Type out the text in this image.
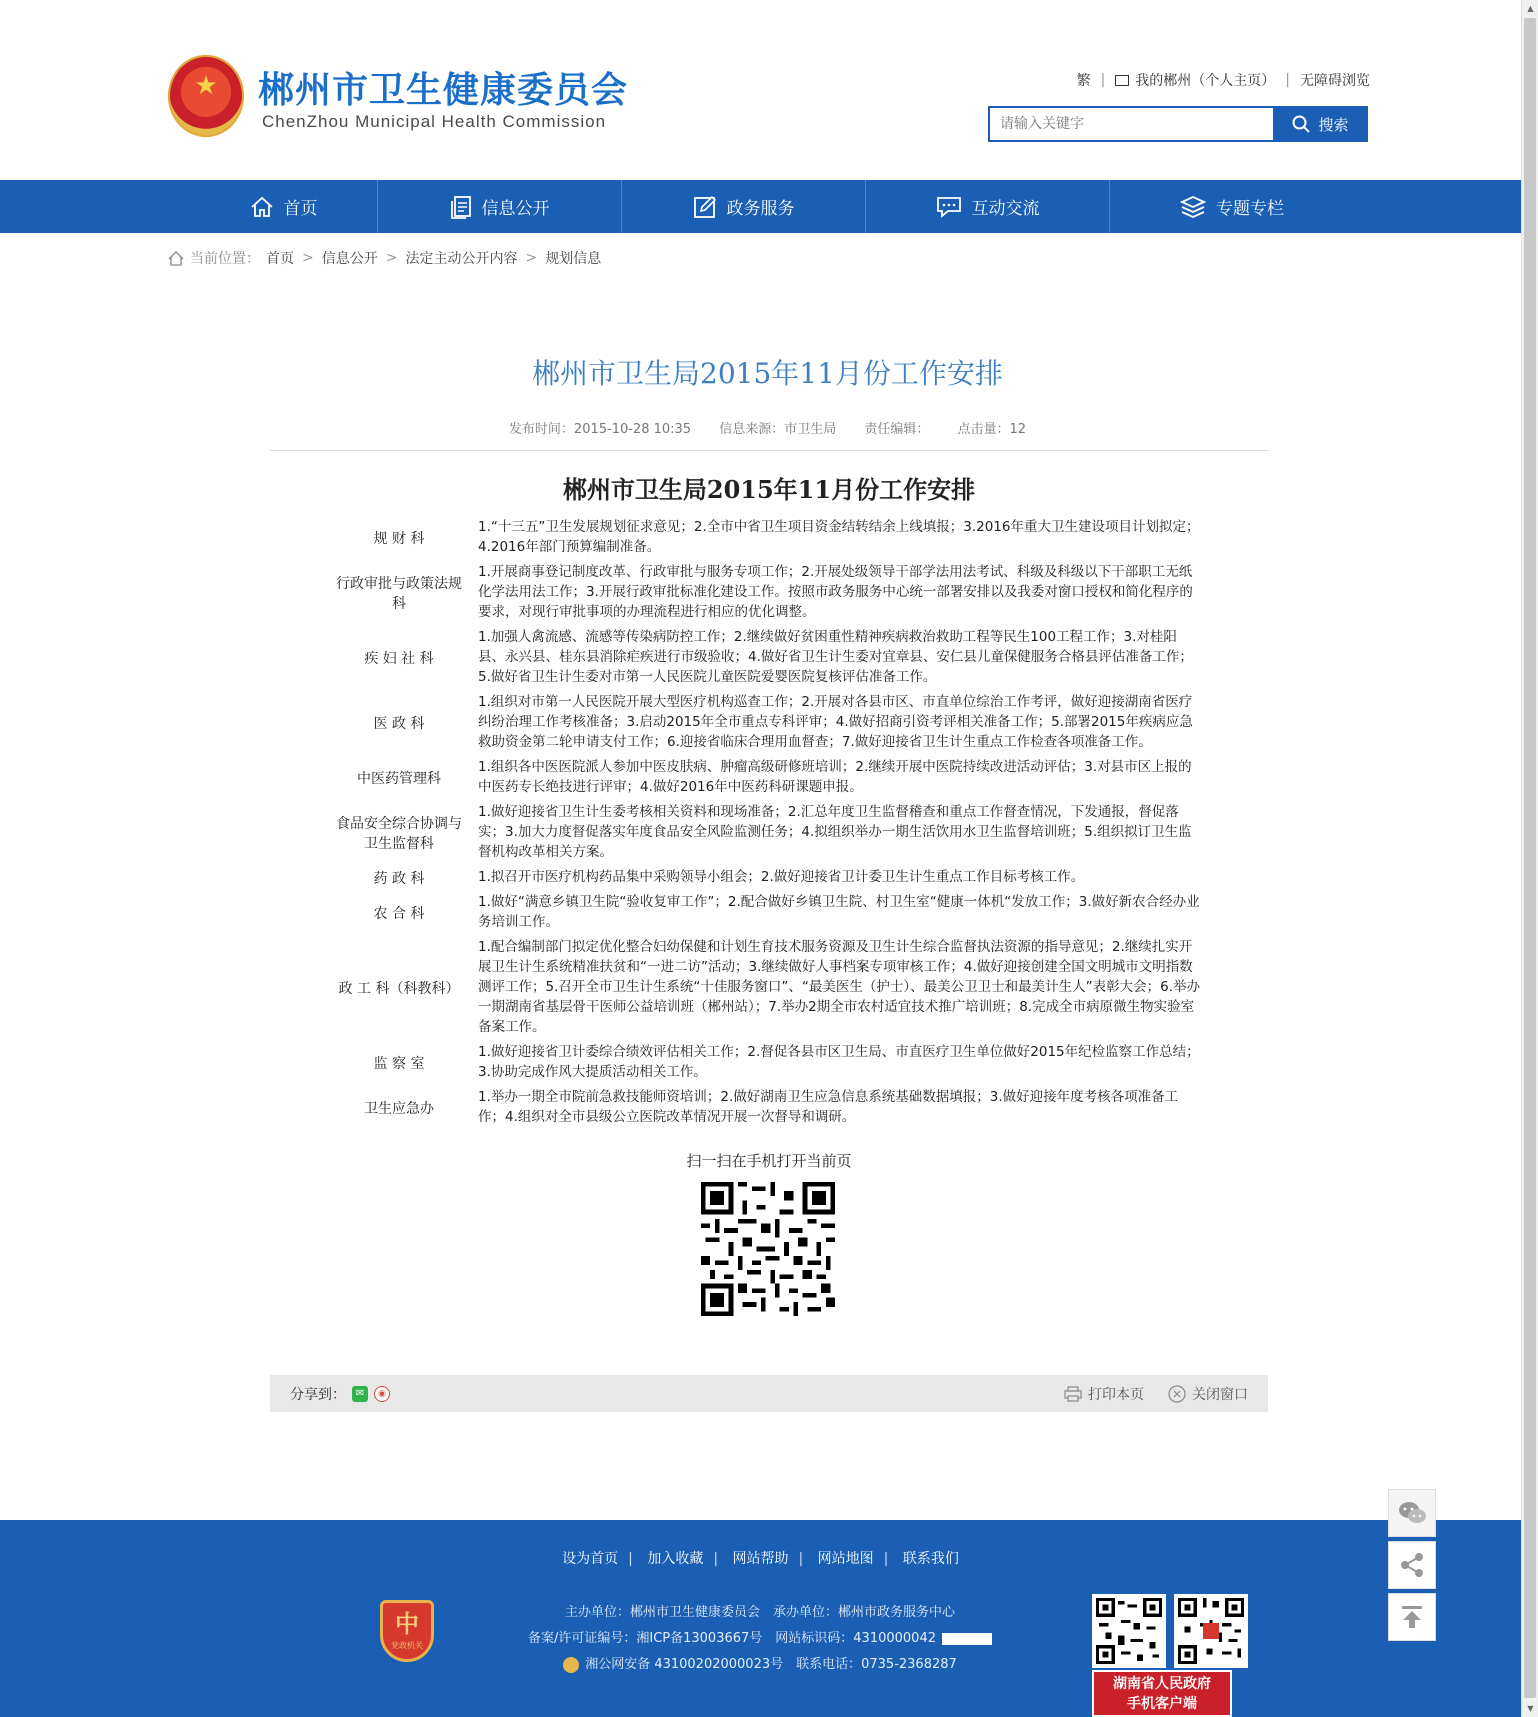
▲
▼
★	郴州市卫生健康委员会
ChenZhou Municipal Health Commission
繁 | 我的郴州（个人主页） | 无障碍浏览
请输入关键字
搜索
首页	信息公开	政务服务	互动交流	专题专栏
当前位置： 首页 > 信息公开 > 法定主动公开内容 > 规划信息
郴州市卫生局2015年11月份工作安排
发布时间：2015-10-28 10:35 信息来源：市卫生局 责任编辑： 点击量：12
郴州市卫生局2015年11月份工作安排
规 财 科	1.“十三五”卫生发展规划征求意见；2.全市中省卫生项目资金结转结余上线填报；3.2016年重大卫生建设项目计划拟定；4.2016年部门预算编制准备。
行政审批与政策法规科	1.开展商事登记制度改革、行政审批与服务专项工作；2.开展处级领导干部学法用法考试、科级及科级以下干部职工无纸化学法用法工作；3.开展行政审批标准化建设工作。按照市政务服务中心统一部署安排以及我委对窗口授权和简化程序的要求，对现行审批事项的办理流程进行相应的优化调整。
疾 妇 社 科	1.加强人禽流感、流感等传染病防控工作；2.继续做好贫困重性精神疾病救治救助工程等民生100工程工作；3.对桂阳县、永兴县、桂东县消除疟疾进行市级验收；4.做好省卫生计生委对宜章县、安仁县儿童保健服务合格县评估准备工作；5.做好省卫生计生委对市第一人民医院儿童医院爱婴医院复核评估准备工作。
医 政 科	1.组织对市第一人民医院开展大型医疗机构巡查工作；2.开展对各县市区、市直单位综治工作考评，做好迎接湖南省医疗纠纷治理工作考核准备；3.启动2015年全市重点专科评审；4.做好招商引资考评相关准备工作；5.部署2015年疾病应急救助资金第二轮申请支付工作；6.迎接省临床合理用血督查；7.做好迎接省卫生计生重点工作检查各项准备工作。
中医药管理科	1.组织各中医医院派人参加中医皮肤病、肿瘤高级研修班培训；2.继续开展中医院持续改进活动评估；3.对县市区上报的中医药专长绝技进行评审；4.做好2016年中医药科研课题申报。
食品安全综合协调与卫生监督科	1.做好迎接省卫生计生委考核相关资料和现场准备；2.汇总年度卫生监督稽查和重点工作督查情况，下发通报，督促落实；3.加大力度督促落实年度食品安全风险监测任务；4.拟组织举办一期生活饮用水卫生监督培训班；5.组织拟订卫生监督机构改革相关方案。
药 政 科	1.拟召开市医疗机构药品集中采购领导小组会；2.做好迎接省卫计委卫生计生重点工作目标考核工作。
农 合 科	1.做好“满意乡镇卫生院“验收复审工作”；2.配合做好乡镇卫生院、村卫生室“健康一体机“发放工作；3.做好新农合经办业务培训工作。
政 工 科（科教科）	1.配合编制部门拟定优化整合妇幼保健和计划生育技术服务资源及卫生计生综合监督执法资源的指导意见；2.继续扎实开展卫生计生系统精准扶贫和“一进二访”活动；3.继续做好人事档案专项审核工作；4.做好迎接创建全国文明城市文明指数测评工作；5.召开全市卫生计生系统“十佳服务窗口”、“最美医生（护士）、最美公卫卫士和最美计生人”表彰大会；6.举办一期湖南省基层骨干医师公益培训班（郴州站）；7.举办2期全市农村适宜技术推广培训班；8.完成全市病原微生物实验室备案工作。
监 察 室	1.做好迎接省卫计委综合绩效评估相关工作；2.督促各县市区卫生局、市直医疗卫生单位做好2015年纪检监察工作总结；3.协助完成作风大提质活动相关工作。
卫生应急办	1.举办一期全市院前急救技能师资培训；2.做好湖南卫生应急信息系统基础数据填报；3.做好迎接年度考核各项准备工作；4.组织对全市县级公立医院改革情况开展一次督导和调研。
扫一扫在手机打开当前页
分享到： ✉	◉	打印本页	关闭窗口
设为首页 | 加入收藏 | 网站帮助 | 网站地图 | 联系我们
中
党政机关
主办单位：郴州市卫生健康委员会　承办单位：郴州市政务服务中心
备案/许可证编号：湘ICP备13003667号　网站标识码：4310000042
湘公网安备 43100202000023号　联系电话：0735-2368287
湖南省人民政府
手机客户端
